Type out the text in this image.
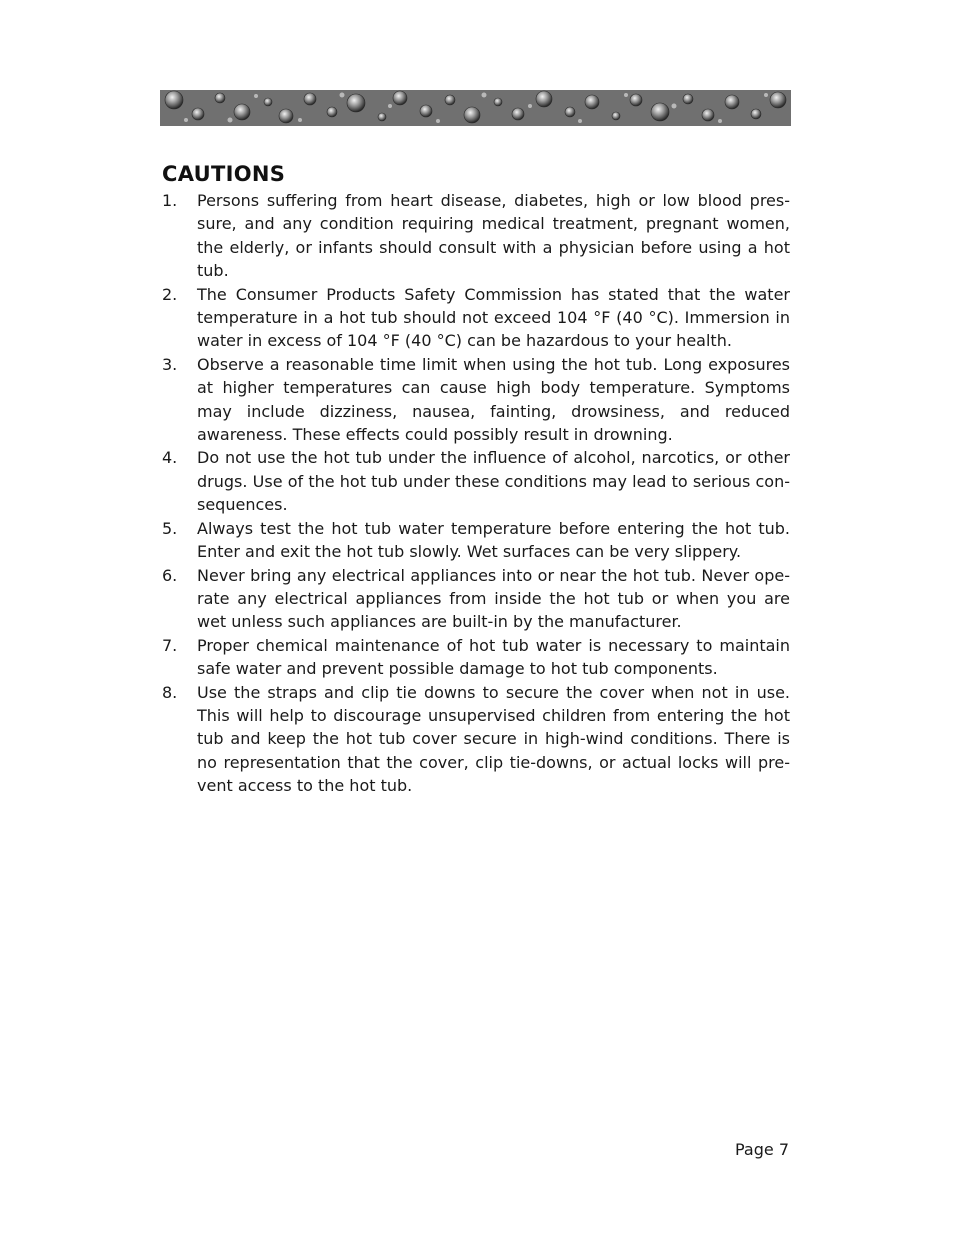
CAUTIONS
1.	Persons suffering from heart disease, diabetes, high or low blood pressure, and any condition requiring medical treatment, pregnant women, the elderly, or infants should consult with a physician before using a hot tub.
2.	The Consumer Products Safety Commission has stated that the water temperature in a hot tub should not exceed 104 °F (40 °C). Immersion in water in excess of 104 °F (40 °C) can be hazardous to your health.
3.	Observe a reasonable time limit when using the hot tub. Long exposures at higher temperatures can cause high body temperature. Symptoms may include dizziness, nausea, fainting, drowsiness, and reduced awareness. These effects could possibly result in drowning.
4.	Do not use the hot tub under the influence of alcohol, narcotics, or other drugs. Use of the hot tub under these conditions may lead to serious consequences.
5.	Always test the hot tub water temperature before entering the hot tub. Enter and exit the hot tub slowly. Wet surfaces can be very slippery.
6.	Never bring any electrical appliances into or near the hot tub. Never operate any electrical appliances from inside the hot tub or when you are wet unless such appliances are built-in by the manufacturer.
7.	Proper chemical maintenance of hot tub water is necessary to maintain safe water and prevent possible damage to hot tub components.
8.	Use the straps and clip tie downs to secure the cover when not in use. This will help to discourage unsupervised children from entering the hot tub and keep the hot tub cover secure in high-wind conditions. There is no representation that the cover, clip tie-downs, or actual locks will prevent access to the hot tub.
Page 7
